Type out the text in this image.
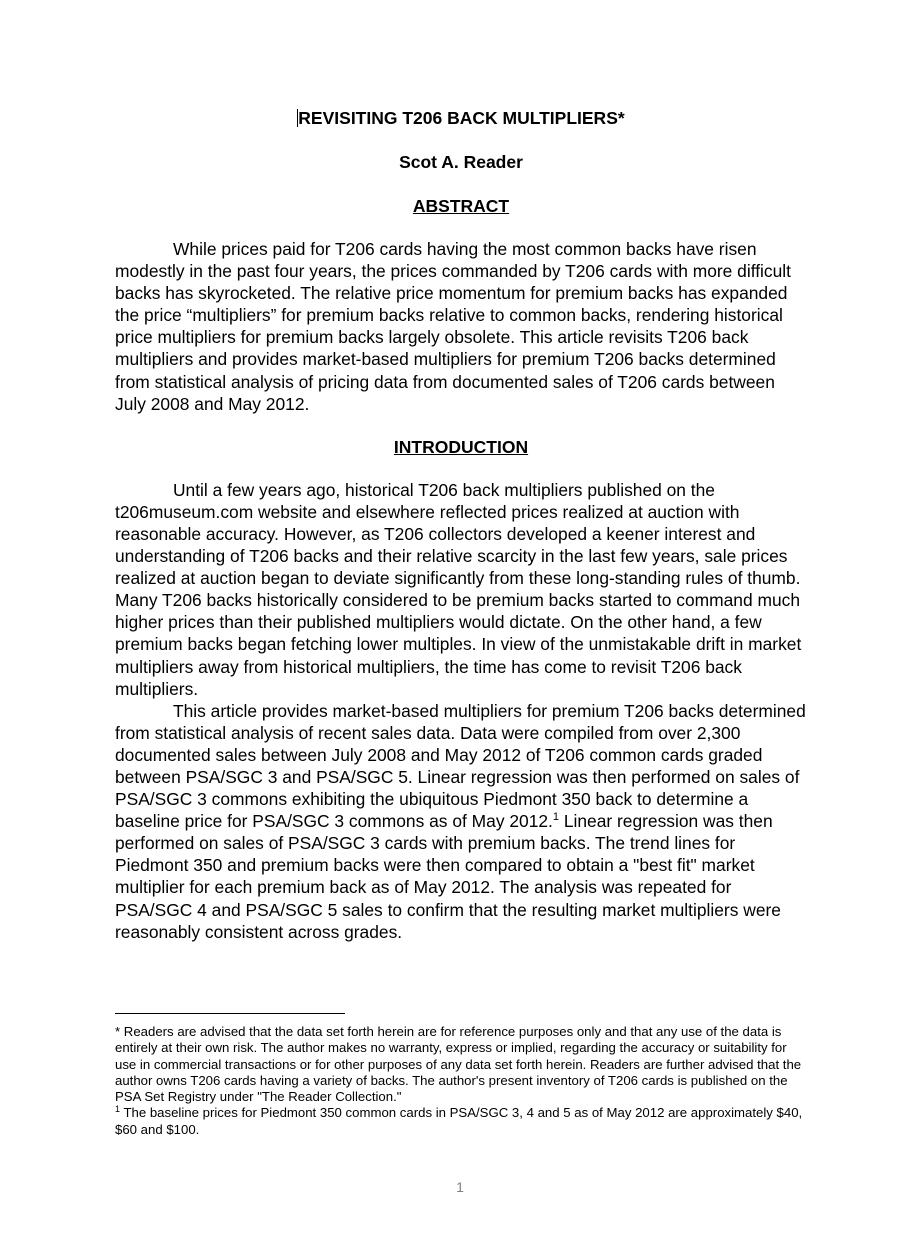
REVISITING T206 BACK MULTIPLIERS*

Scot A. Reader

ABSTRACT

While prices paid for T206 cards having the most common backs have risen modestly in the past four years, the prices commanded by T206 cards with more difficult backs has skyrocketed. The relative price momentum for premium backs has expanded the price “multipliers” for premium backs relative to common backs, rendering historical price multipliers for premium backs largely obsolete. This article revisits T206 back multipliers and provides market-based multipliers for premium T206 backs determined from statistical analysis of pricing data from documented sales of T206 cards between July 2008 and May 2012.

INTRODUCTION

Until a few years ago, historical T206 back multipliers published on the t206museum.com website and elsewhere reflected prices realized at auction with reasonable accuracy. However, as T206 collectors developed a keener interest and understanding of T206 backs and their relative scarcity in the last few years, sale prices realized at auction began to deviate significantly from these long-standing rules of thumb. Many T206 backs historically considered to be premium backs started to command much higher prices than their published multipliers would dictate. On the other hand, a few premium backs began fetching lower multiples. In view of the unmistakable drift in market multipliers away from historical multipliers, the time has come to revisit T206 back multipliers.

This article provides market-based multipliers for premium T206 backs determined from statistical analysis of recent sales data. Data were compiled from over 2,300 documented sales between July 2008 and May 2012 of T206 common cards graded between PSA/SGC 3 and PSA/SGC 5. Linear regression was then performed on sales of PSA/SGC 3 commons exhibiting the ubiquitous Piedmont 350 back to determine a baseline price for PSA/SGC 3 commons as of May 2012.$^1$ Linear regression was then performed on sales of PSA/SGC 3 cards with premium backs. The trend lines for Piedmont 350 and premium backs were then compared to obtain a "best fit" market multiplier for each premium back as of May 2012. The analysis was repeated for PSA/SGC 4 and PSA/SGC 5 sales to confirm that the resulting market multipliers were reasonably consistent across grades.

* Readers are advised that the data set forth herein are for reference purposes only and that any use of the data is entirely at their own risk. The author makes no warranty, express or implied, regarding the accuracy or suitability for use in commercial transactions or for other purposes of any data set forth herein. Readers are further advised that the author owns T206 cards having a variety of backs. The author's present inventory of T206 cards is published on the PSA Set Registry under "The Reader Collection."

$^1$ The baseline prices for Piedmont 350 common cards in PSA/SGC 3, 4 and 5 as of May 2012 are approximately $40, $60 and $100.

1
